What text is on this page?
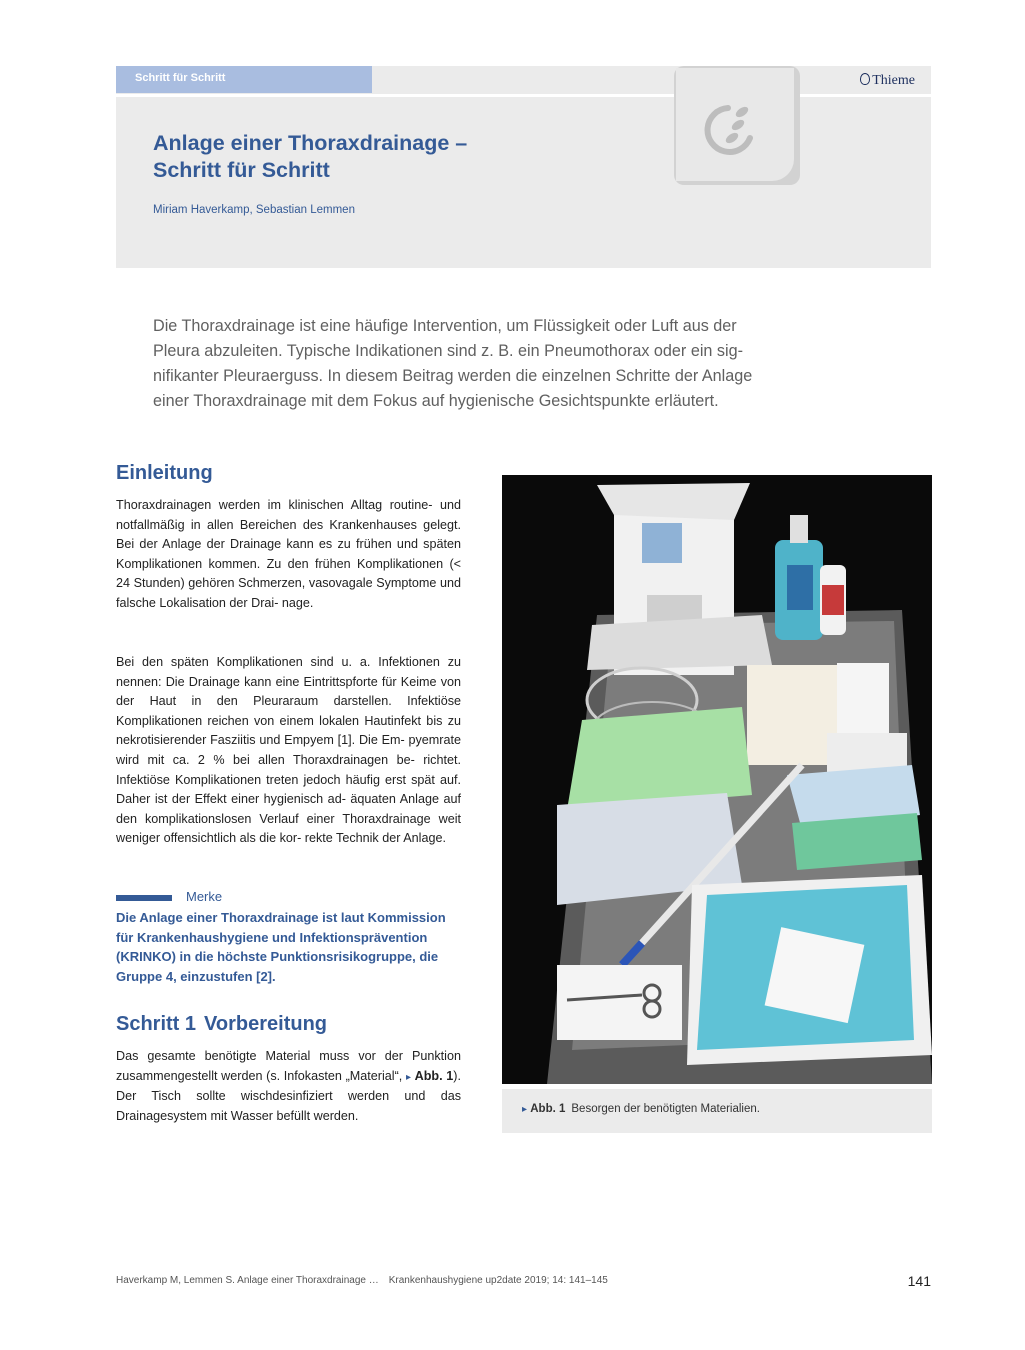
Schritt für Schritt	Thieme
Anlage einer Thoraxdrainage –
Schritt für Schritt
Miriam Haverkamp, Sebastian Lemmen
Die Thoraxdrainage ist eine häufige Intervention, um Flüssigkeit oder Luft aus der
Pleura abzuleiten. Typische Indikationen sind z. B. ein Pneumothorax oder ein sig-
nifikanter Pleuraerguss. In diesem Beitrag werden die einzelnen Schritte der Anlage
einer Thoraxdrainage mit dem Fokus auf hygienische Gesichtspunkte erläutert.
Einleitung

Thoraxdrainagen werden im klinischen Alltag routine- und notfallmäßig in allen Bereichen des Krankenhauses gelegt. Bei der Anlage der Drainage kann es zu frühen und späten Komplikationen kommen. Zu den frühen Komplikationen (< 24 Stunden) gehören Schmerzen, vasovagale Symptome und falsche Lokalisation der Drai- nage.

Bei den späten Komplikationen sind u. a. Infektionen zu nennen: Die Drainage kann eine Eintrittspforte für Keime von der Haut in den Pleuraraum darstellen. Infektiöse Komplikationen reichen von einem lokalen Hautinfekt bis zu nekrotisierender Fasziitis und Empyem [1]. Die Em- pyemrate wird mit ca. 2 % bei allen Thoraxdrainagen be- richtet. Infektiöse Komplikationen treten jedoch häufig erst spät auf. Daher ist der Effekt einer hygienisch ad- äquaten Anlage auf den komplikationslosen Verlauf einer Thoraxdrainage weit weniger offensichtlich als die kor- rekte Technik der Anlage.

Merke

Die Anlage einer Thoraxdrainage ist laut Kommission für Krankenhaushygiene und Infektionsprävention (KRINKO) in die höchste Punktionsrisikogruppe, die Gruppe 4, einzustufen [2].

Schritt 1 Vorbereitung

Das gesamte benötigte Material muss vor der Punktion zusammengestellt werden (s. Infokasten „Material“, ▸ Abb. 1). Der Tisch sollte wischdesinfiziert werden und das Drainagesystem mit Wasser befüllt werden.	▸ Abb. 1 Besorgen der benötigten Materialien.
Haverkamp M, Lemmen S. Anlage einer Thoraxdrainage … Krankenhaushygiene up2date 2019; 14: 141–145	141
